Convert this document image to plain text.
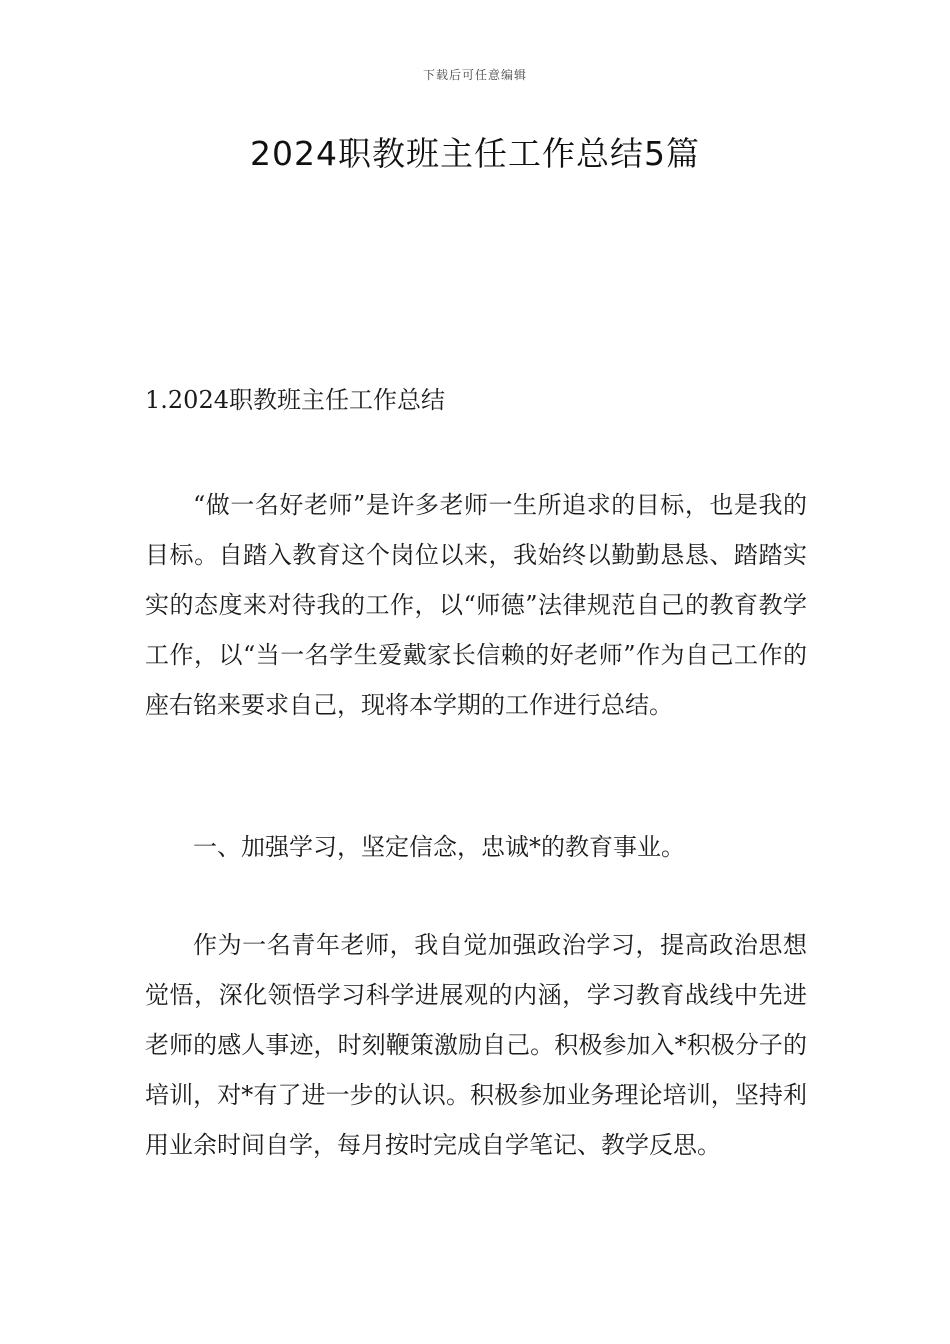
下载后可任意编辑
2024职教班主任工作总结5篇
1.2024职教班主任工作总结

“做一名好老师”是许多老师一生所追求的目标，也是我的目标。自踏入教育这个岗位以来，我始终以勤勤恳恳、踏踏实实的态度来对待我的工作，以“师德”法律规范自己的教育教学工作，以“当一名学生爱戴家长信赖的好老师”作为自己工作的座右铭来要求自己，现将本学期的工作进行总结。

一、加强学习，坚定信念，忠诚*的教育事业。

作为一名青年老师，我自觉加强政治学习，提高政治思想觉悟，深化领悟学习科学进展观的内涵，学习教育战线中先进老师的感人事迹，时刻鞭策激励自己。积极参加入*积极分子的培训，对*有了进一步的认识。积极参加业务理论培训，坚持利用业余时间自学，每月按时完成自学笔记、教学反思。
